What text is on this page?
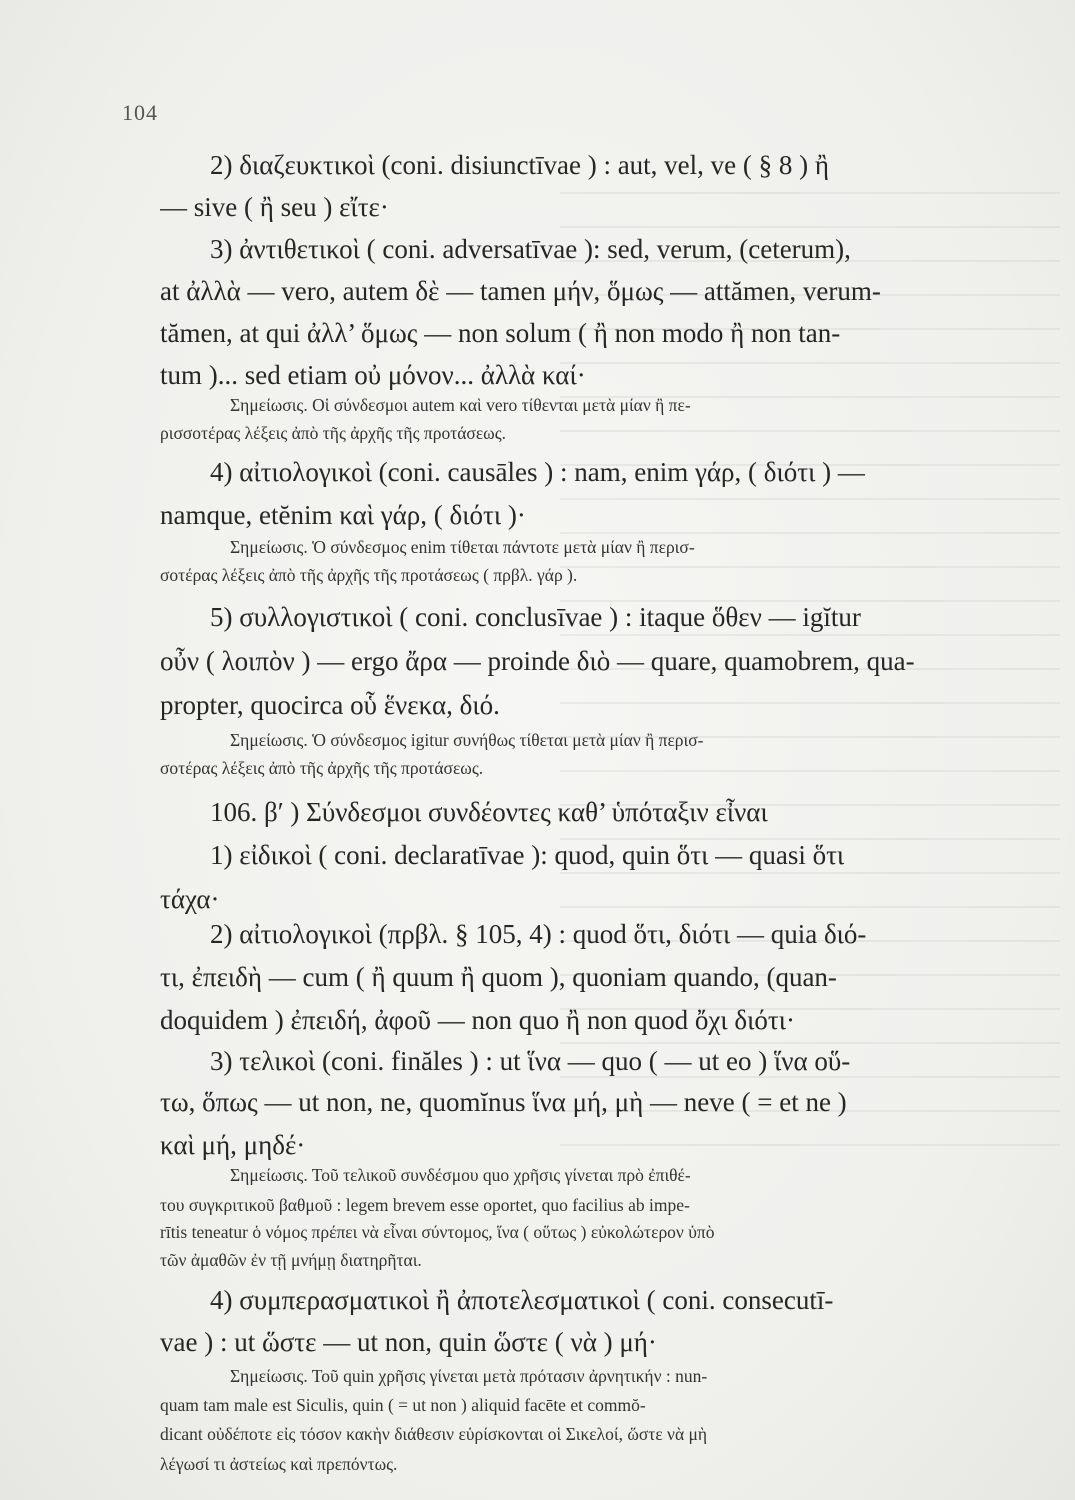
104
2) διαζευκτικοὶ (coni. disiunctīvae ) : aut, vel, ve ( § 8 ) ἢ
— sive ( ἢ seu ) εἴτε·
3) ἀντιθετικοὶ ( coni. adversatīvae ): sed, verum, (ceterum),
at ἀλλὰ — vero, autem δὲ — tamen μήν, ὅμως — attămen, verum-
tămen, at qui ἀλλ’ ὅμως — non solum ( ἢ non modo ἢ non tan-
tum )... sed etiam οὐ μόνον... ἀλλὰ καί·
Σημείωσις. Οἱ σύνδεσμοι autem καὶ vero τίθενται μετὰ μίαν ἢ πε-
ρισσοτέρας λέξεις ἀπὸ τῆς ἀρχῆς τῆς προτάσεως.
4) αἰτιολογικοὶ (coni. causāles ) : nam, enim γάρ, ( διότι ) —
namque, etĕnim καὶ γάρ, ( διότι )·
Σημείωσις. Ὁ σύνδεσμος enim τίθεται πάντοτε μετὰ μίαν ἢ περισ-
σοτέρας λέξεις ἀπὸ τῆς ἀρχῆς τῆς προτάσεως ( πρβλ. γάρ ).
5) συλλογιστικοὶ ( coni. conclusīvae ) : itaque ὅθεν — igĭtur
οὖν ( λοιπὸν ) — ergo ἄρα — proinde διὸ — quare, quamobrem, qua-
propter, quocirca οὗ ἕνεκα, διό.
Σημείωσις. Ὁ σύνδεσμος igitur συνήθως τίθεται μετὰ μίαν ἢ περισ-
σοτέρας λέξεις ἀπὸ τῆς ἀρχῆς τῆς προτάσεως.
106. β′ ) Σύνδεσμοι συνδέοντες καθ’ ὑπόταξιν εἶναι
1) εἰδικοὶ ( coni. declaratīvae ): quod, quin ὅτι — quasi ὅτι
τάχα·
2) αἰτιολογικοὶ (πρβλ. § 105, 4) : quod ὅτι, διότι — quia διό-
τι, ἐπειδὴ — cum ( ἢ quum ἢ quom ), quoniam quando, (quan-
doquidem ) ἐπειδή, ἀφοῦ — non quo ἢ non quod ὄχι διότι·
3) τελικοὶ (coni. finăles ) : ut ἵνα — quo ( — ut eo ) ἵνα οὕ-
τω, ὅπως — ut non, ne, quomĭnus ἵνα μή, μὴ — neve ( = et ne )
καὶ μή, μηδέ·
Σημείωσις. Τοῦ τελικοῦ συνδέσμου quo χρῆσις γίνεται πρὸ ἐπιθέ-
του συγκριτικοῦ βαθμοῦ : legem brevem esse oportet, quo facilius ab impe-
rītis teneatur ὁ νόμος πρέπει νὰ εἶναι σύντομος, ἵνα ( οὕτως ) εὐκολώτερον ὑπὸ
τῶν ἀμαθῶν ἐν τῇ μνήμῃ διατηρῆται.
4) συμπερασματικοὶ ἢ ἀποτελεσματικοὶ ( coni. consecutī-
vae ) : ut ὥστε — ut non, quin ὥστε ( νὰ ) μή·
Σημείωσις. Τοῦ quin χρῆσις γίνεται μετὰ πρότασιν ἀρνητικήν : nun-
quam tam male est Siculis, quin ( = ut non ) aliquid facēte et commŏ-
dicant οὐδέποτε εἰς τόσον κακὴν διάθεσιν εὑρίσκονται οἱ Σικελοί, ὥστε νὰ μὴ
λέγωσί τι ἀστείως καὶ πρεπόντως.
